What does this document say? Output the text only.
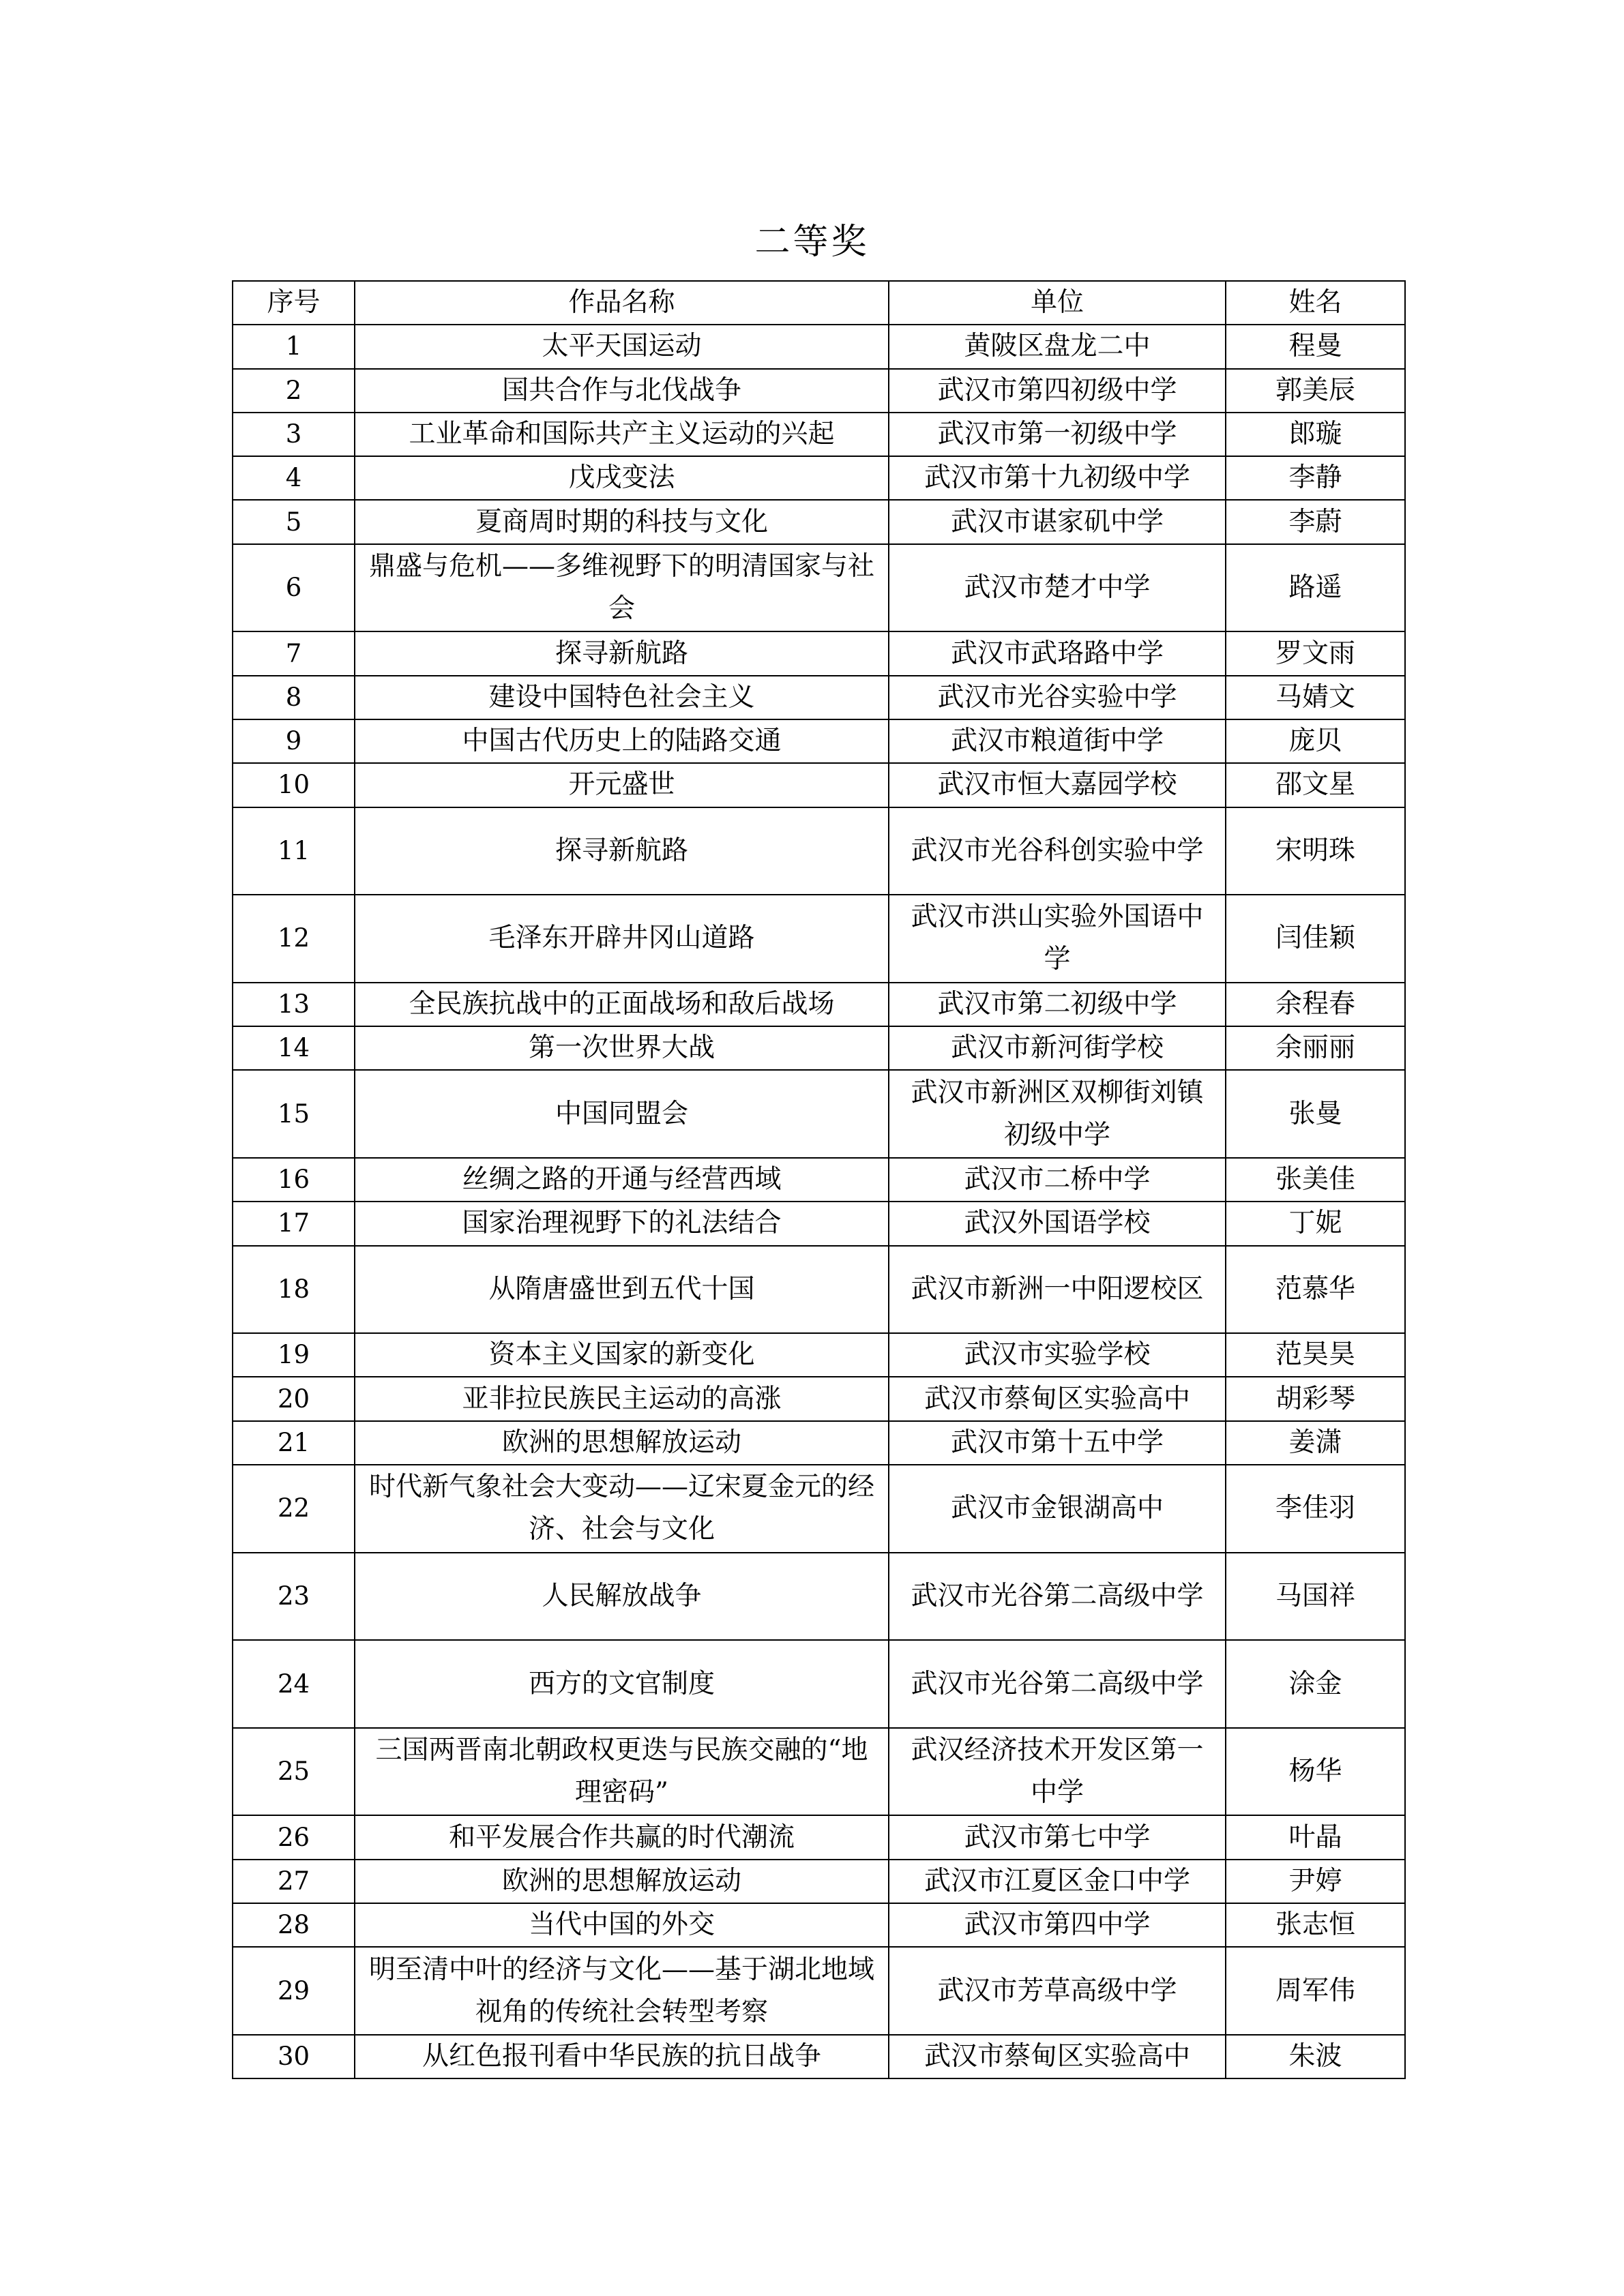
二等奖
序号	作品名称	单位	姓名
1	太平天国运动	黄陂区盘龙二中	程曼
2	国共合作与北伐战争	武汉市第四初级中学	郭美辰
3	工业革命和国际共产主义运动的兴起	武汉市第一初级中学	郎璇
4	戊戌变法	武汉市第十九初级中学	李静
5	夏商周时期的科技与文化	武汉市谌家矶中学	李蔚
6	鼎盛与危机——多维视野下的明清国家与社会	武汉市楚才中学	路遥
7	探寻新航路	武汉市武珞路中学	罗文雨
8	建设中国特色社会主义	武汉市光谷实验中学	马婧文
9	中国古代历史上的陆路交通	武汉市粮道街中学	庞贝
10	开元盛世	武汉市恒大嘉园学校	邵文星
11	探寻新航路	武汉市光谷科创实验中学	宋明珠
12	毛泽东开辟井冈山道路	武汉市洪山实验外国语中学	闫佳颖
13	全民族抗战中的正面战场和敌后战场	武汉市第二初级中学	余程春
14	第一次世界大战	武汉市新河街学校	余丽丽
15	中国同盟会	武汉市新洲区双柳街刘镇初级中学	张曼
16	丝绸之路的开通与经营西域	武汉市二桥中学	张美佳
17	国家治理视野下的礼法结合	武汉外国语学校	丁妮
18	从隋唐盛世到五代十国	武汉市新洲一中阳逻校区	范慕华
19	资本主义国家的新变化	武汉市实验学校	范昊昊
20	亚非拉民族民主运动的高涨	武汉市蔡甸区实验高中	胡彩琴
21	欧洲的思想解放运动	武汉市第十五中学	姜潇
22	时代新气象社会大变动——辽宋夏金元的经济、社会与文化	武汉市金银湖高中	李佳羽
23	人民解放战争	武汉市光谷第二高级中学	马国祥
24	西方的文官制度	武汉市光谷第二高级中学	涂金
25	三国两晋南北朝政权更迭与民族交融的“地理密码”	武汉经济技术开发区第一中学	杨华
26	和平发展合作共赢的时代潮流	武汉市第七中学	叶晶
27	欧洲的思想解放运动	武汉市江夏区金口中学	尹婷
28	当代中国的外交	武汉市第四中学	张志恒
29	明至清中叶的经济与文化——基于湖北地域视角的传统社会转型考察	武汉市芳草高级中学	周军伟
30	从红色报刊看中华民族的抗日战争	武汉市蔡甸区实验高中	朱波
